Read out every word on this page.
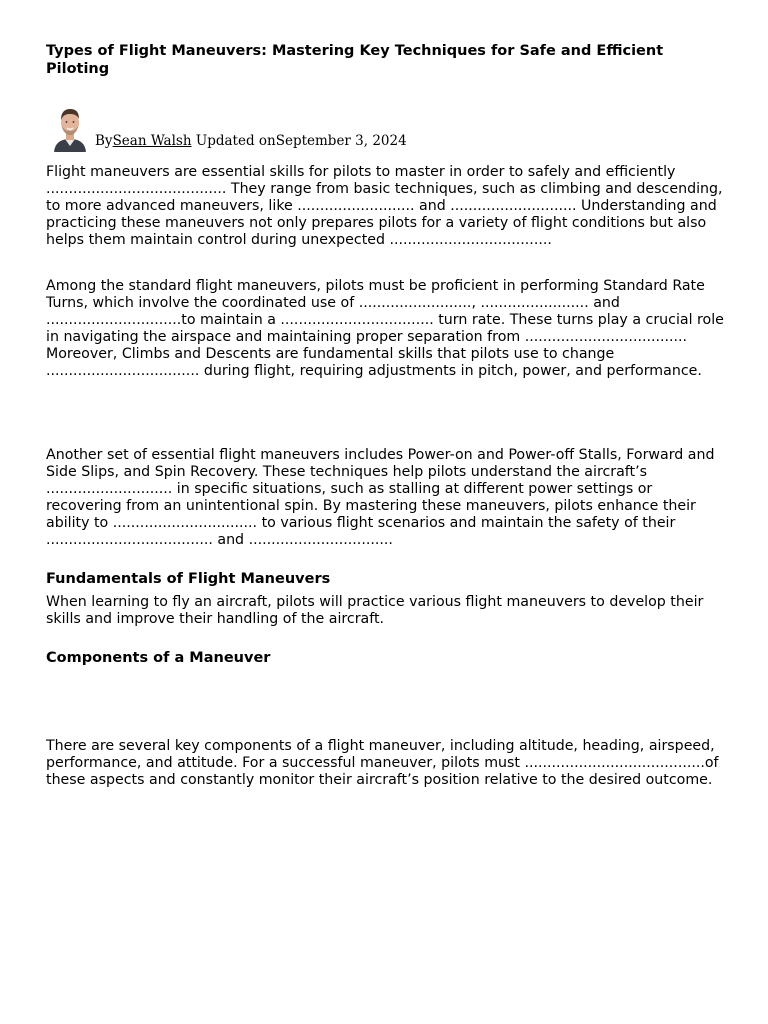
Types of Flight Maneuvers: Mastering Key Techniques for Safe and Efficient Piloting
BySean Walsh Updated onSeptember 3, 2024

Flight maneuvers are essential skills for pilots to master in order to safely and efficiently ........................................ They range from basic techniques, such as climbing and descending, to more advanced maneuvers, like .......................... and ............................ Understanding and practicing these maneuvers not only prepares pilots for a variety of flight conditions but also helps them maintain control during unexpected ....................................

Among the standard flight maneuvers, pilots must be proficient in performing Standard Rate Turns, which involve the coordinated use of ........................., ........................ and ..............................to maintain a .................................. turn rate. These turns play a crucial role in navigating the airspace and maintaining proper separation from .................................... Moreover, Climbs and Descents are fundamental skills that pilots use to change .................................. during flight, requiring adjustments in pitch, power, and performance.

Another set of essential flight maneuvers includes Power-on and Power-off Stalls, Forward and Side Slips, and Spin Recovery. These techniques help pilots understand the aircraft’s ............................ in specific situations, such as stalling at different power settings or recovering from an unintentional spin. By mastering these maneuvers, pilots enhance their ability to ................................ to various flight scenarios and maintain the safety of their ..................................... and ................................

Fundamentals of Flight Maneuvers

When learning to fly an aircraft, pilots will practice various flight maneuvers to develop their skills and improve their handling of the aircraft.

Components of a Maneuver

There are several key components of a flight maneuver, including altitude, heading, airspeed, performance, and attitude. For a successful maneuver, pilots must ........................................of these aspects and constantly monitor their aircraft’s position relative to the desired outcome.
